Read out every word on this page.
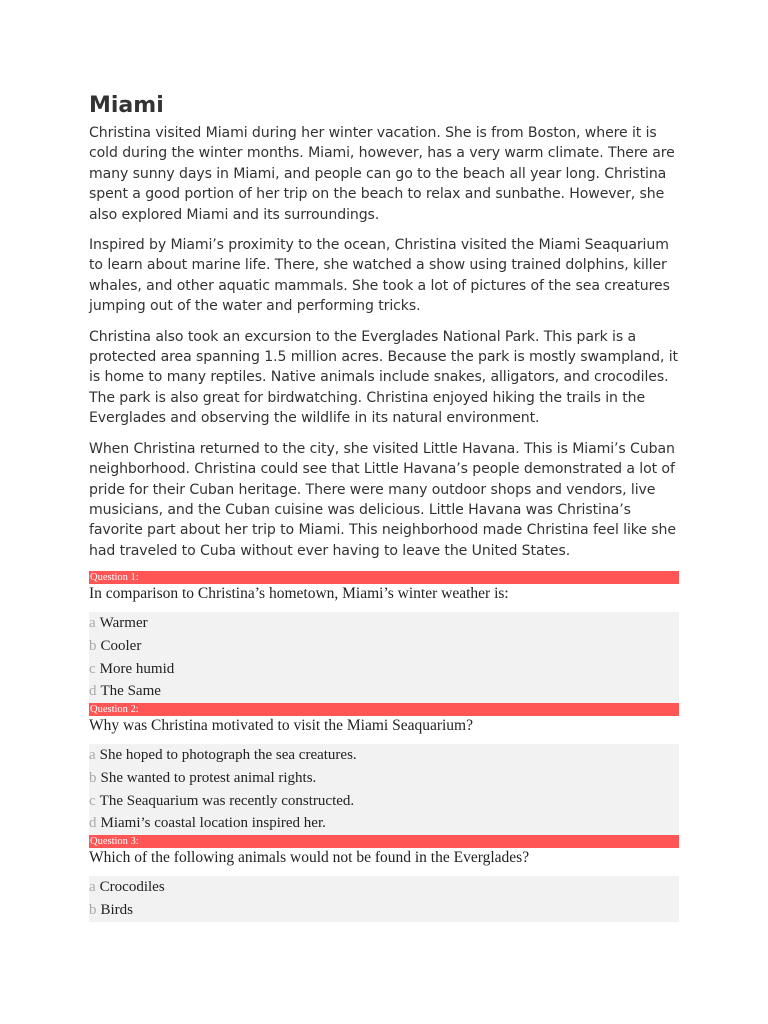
Miami

Christina visited Miami during her winter vacation. She is from Boston, where it is cold during the winter months. Miami, however, has a very warm climate. There are many sunny days in Miami, and people can go to the beach all year long. Christina spent a good portion of her trip on the beach to relax and sunbathe. However, she also explored Miami and its surroundings.

Inspired by Miami’s proximity to the ocean, Christina visited the Miami Seaquarium to learn about marine life. There, she watched a show using trained dolphins, killer whales, and other aquatic mammals. She took a lot of pictures of the sea creatures jumping out of the water and performing tricks.

Christina also took an excursion to the Everglades National Park. This park is a protected area spanning 1.5 million acres. Because the park is mostly swampland, it is home to many reptiles. Native animals include snakes, alligators, and crocodiles. The park is also great for birdwatching. Christina enjoyed hiking the trails in the Everglades and observing the wildlife in its natural environment.

When Christina returned to the city, she visited Little Havana. This is Miami’s Cuban neighborhood. Christina could see that Little Havana’s people demonstrated a lot of pride for their Cuban heritage. There were many outdoor shops and vendors, live musicians, and the Cuban cuisine was delicious. Little Havana was Christina’s favorite part about her trip to Miami. This neighborhood made Christina feel like she had traveled to Cuba without ever having to leave the United States.

Question 1:

In comparison to Christina’s hometown, Miami’s winter weather is:

a Warmer
b Cooler
c More humid
d The Same
Question 2:

Why was Christina motivated to visit the Miami Seaquarium?

a She hoped to photograph the sea creatures.
b She wanted to protest animal rights.
c The Seaquarium was recently constructed.
d Miami’s coastal location inspired her.
Question 3:

Which of the following animals would not be found in the Everglades?

a Crocodiles
b Birds
